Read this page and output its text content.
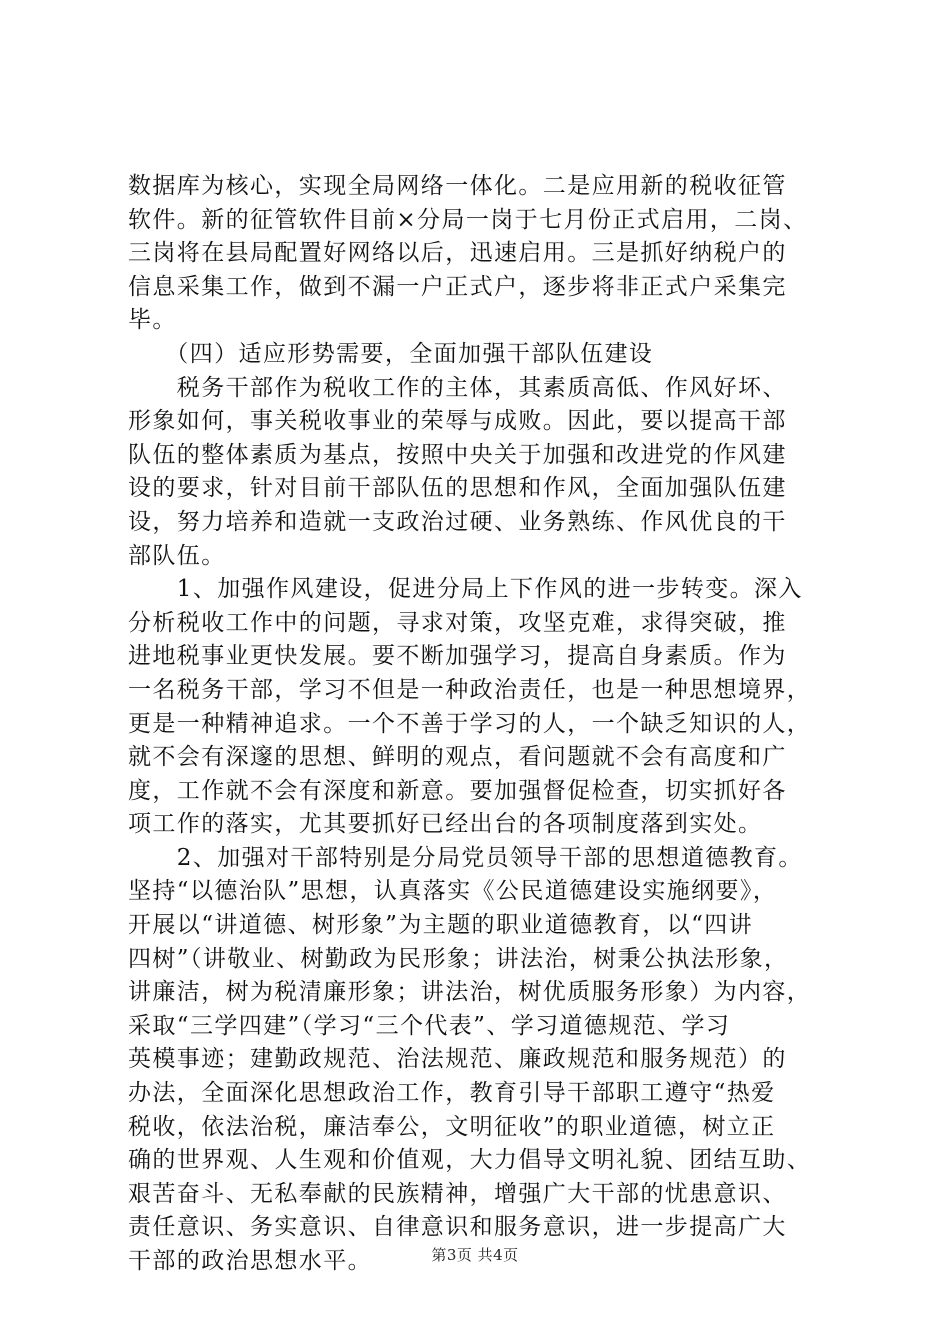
数据库为核心，实现全局网络一体化。二是应用新的税收征管
软件。新的征管软件目前×分局一岗于七月份正式启用，二岗、
三岗将在县局配置好网络以后，迅速启用。三是抓好纳税户的
信息采集工作，做到不漏一户正式户，逐步将非正式户采集完
毕。
　　（四）适应形势需要，全面加强干部队伍建设
　　税务干部作为税收工作的主体，其素质高低、作风好坏、
形象如何，事关税收事业的荣辱与成败。因此，要以提高干部
队伍的整体素质为基点，按照中央关于加强和改进党的作风建
设的要求，针对目前干部队伍的思想和作风，全面加强队伍建
设，努力培养和造就一支政治过硬、业务熟练、作风优良的干
部队伍。
　　1、加强作风建设，促进分局上下作风的进一步转变。深入
分析税收工作中的问题，寻求对策，攻坚克难，求得突破，推
进地税事业更快发展。要不断加强学习，提高自身素质。作为
一名税务干部，学习不但是一种政治责任，也是一种思想境界，
更是一种精神追求。一个不善于学习的人，一个缺乏知识的人，
就不会有深邃的思想、鲜明的观点，看问题就不会有高度和广
度，工作就不会有深度和新意。要加强督促检查，切实抓好各
项工作的落实，尤其要抓好已经出台的各项制度落到实处。
　　2、加强对干部特别是分局党员领导干部的思想道德教育。
坚持“以德治队”思想，认真落实《公民道德建设实施纲要》，
开展以“讲道德、树形象”为主题的职业道德教育，以“四讲
四树”（讲敬业、树勤政为民形象；讲法治，树秉公执法形象，
讲廉洁，树为税清廉形象；讲法治，树优质服务形象）为内容，
采取“三学四建”（学习“三个代表”、学习道德规范、学习
英模事迹；建勤政规范、治法规范、廉政规范和服务规范）的
办法，全面深化思想政治工作，教育引导干部职工遵守“热爱
税收，依法治税，廉洁奉公，文明征收”的职业道德，树立正
确的世界观、人生观和价值观，大力倡导文明礼貌、团结互助、
艰苦奋斗、无私奉献的民族精神，增强广大干部的忧患意识、
责任意识、务实意识、自律意识和服务意识，进一步提高广大
干部的政治思想水平。	第3页 共4页
